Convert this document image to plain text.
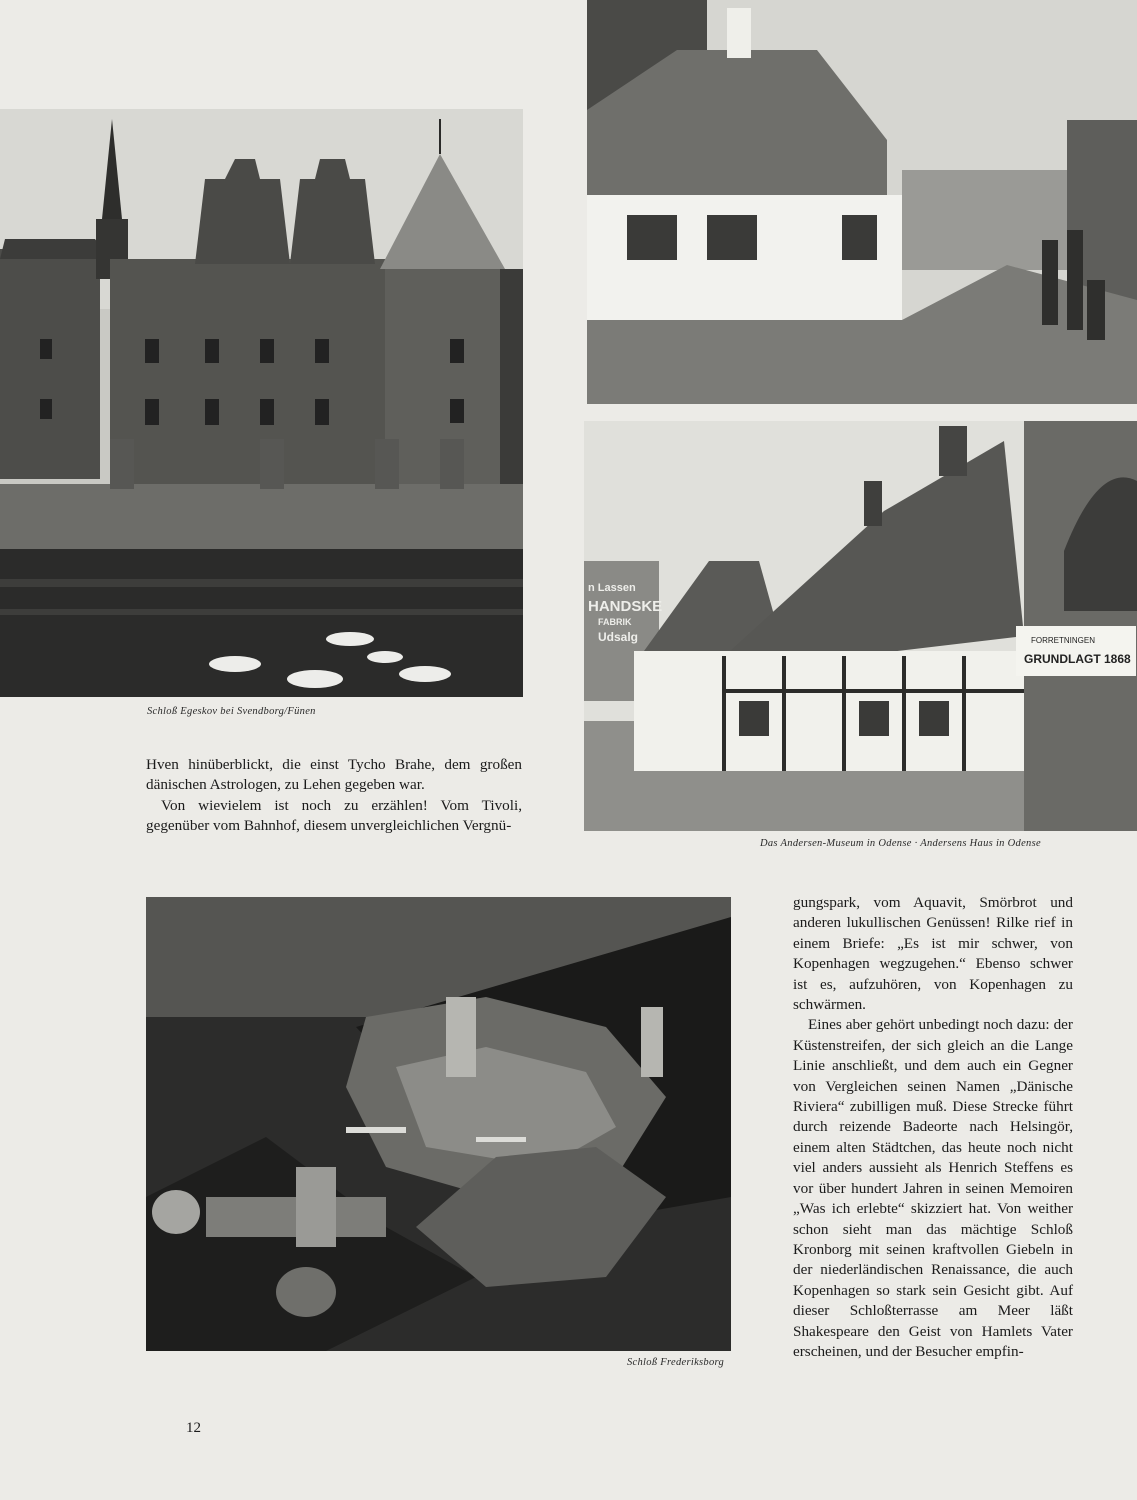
Schloß Egeskov bei Svendborg/Fünen
n Lassen
HANDSKE
FABRIK
Udsalg	FORRETNINGEN
GRUNDLAGT 1868
Das Andersen-Museum in Odense · Andersens Haus in Odense
Schloß Frederiksborg

Hven hinüberblickt, die einst Tycho Brahe, dem großen dänischen Astrologen, zu Lehen gegeben war.

Von wievielem ist noch zu erzählen! Vom Tivoli, gegenüber vom Bahnhof, diesem unvergleichlichen Vergnü-

gungspark, vom Aquavit, Smörbrot und anderen lukullischen Genüssen! Rilke rief in einem Briefe: „Es ist mir schwer, von Kopenhagen wegzugehen.“ Ebenso schwer ist es, aufzuhören, von Kopenhagen zu schwärmen.

Eines aber gehört unbedingt noch dazu: der Küstenstreifen, der sich gleich an die Lange Linie anschließt, und dem auch ein Gegner von Vergleichen seinen Namen „Dänische Riviera“ zubilligen muß. Diese Strecke führt durch reizende Badeorte nach Helsingör, einem alten Städtchen, das heute noch nicht viel anders aussieht als Henrich Steffens es vor über hundert Jahren in seinen Memoiren „Was ich erlebte“ skizziert hat. Von weither schon sieht man das mächtige Schloß Kronborg mit seinen kraftvollen Giebeln in der niederländischen Renaissance, die auch Kopenhagen so stark sein Gesicht gibt. Auf dieser Schloßterrasse am Meer läßt Shakespeare den Geist von Hamlets Vater erscheinen, und der Besucher empfin-

12
